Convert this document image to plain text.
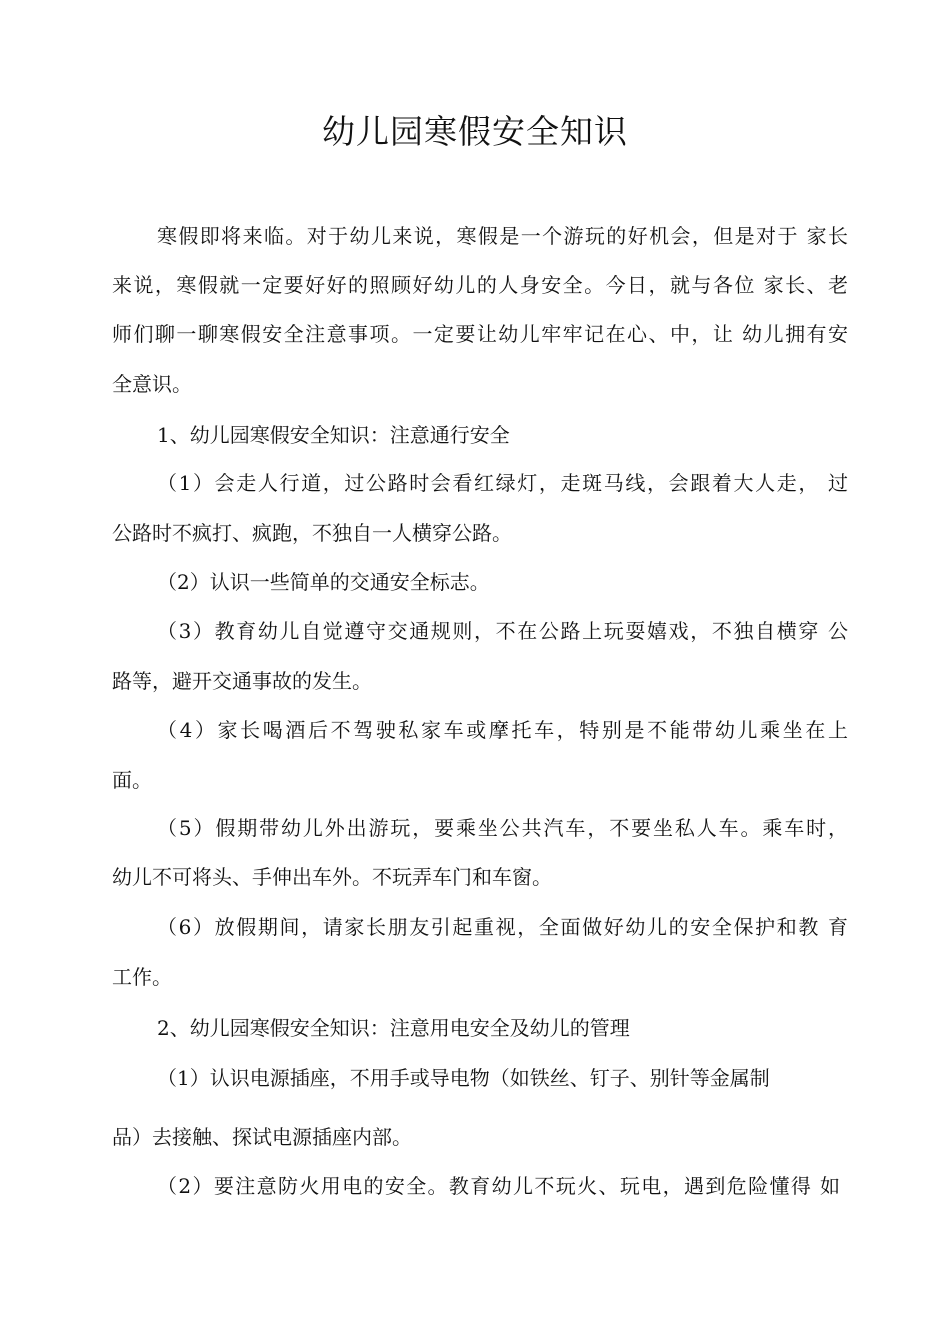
幼儿园寒假安全知识
寒假即将来临。对于幼儿来说，寒假是一个游玩的好机会，但是对于 家长
来说，寒假就一定要好好的照顾好幼儿的人身安全。今日，就与各位 家长、老
师们聊一聊寒假安全注意事项。一定要让幼儿牢牢记在心、中，让 幼儿拥有安
全意识。
1、幼儿园寒假安全知识：注意通行安全
（1）会走人行道，过公路时会看红绿灯，走斑马线，会跟着大人走， 过
公路时不疯打、疯跑，不独自一人横穿公路。
（2）认识一些简单的交通安全标志。
（3）教育幼儿自觉遵守交通规则，不在公路上玩耍嬉戏，不独自横穿 公
路等，避开交通事故的发生。
（4）家长喝酒后不驾驶私家车或摩托车，特别是不能带幼儿乘坐在上
面。
（5）假期带幼儿外出游玩，要乘坐公共汽车，不要坐私人车。乘车时，
幼儿不可将头、手伸出车外。不玩弄车门和车窗。
（6）放假期间，请家长朋友引起重视，全面做好幼儿的安全保护和教 育
工作。
2、幼儿园寒假安全知识：注意用电安全及幼儿的管理
（1）认识电源插座，不用手或导电物（如铁丝、钉子、别针等金属制
品）去接触、探试电源插座内部。
（2）要注意防火用电的安全。教育幼儿不玩火、玩电，遇到危险懂得 如
